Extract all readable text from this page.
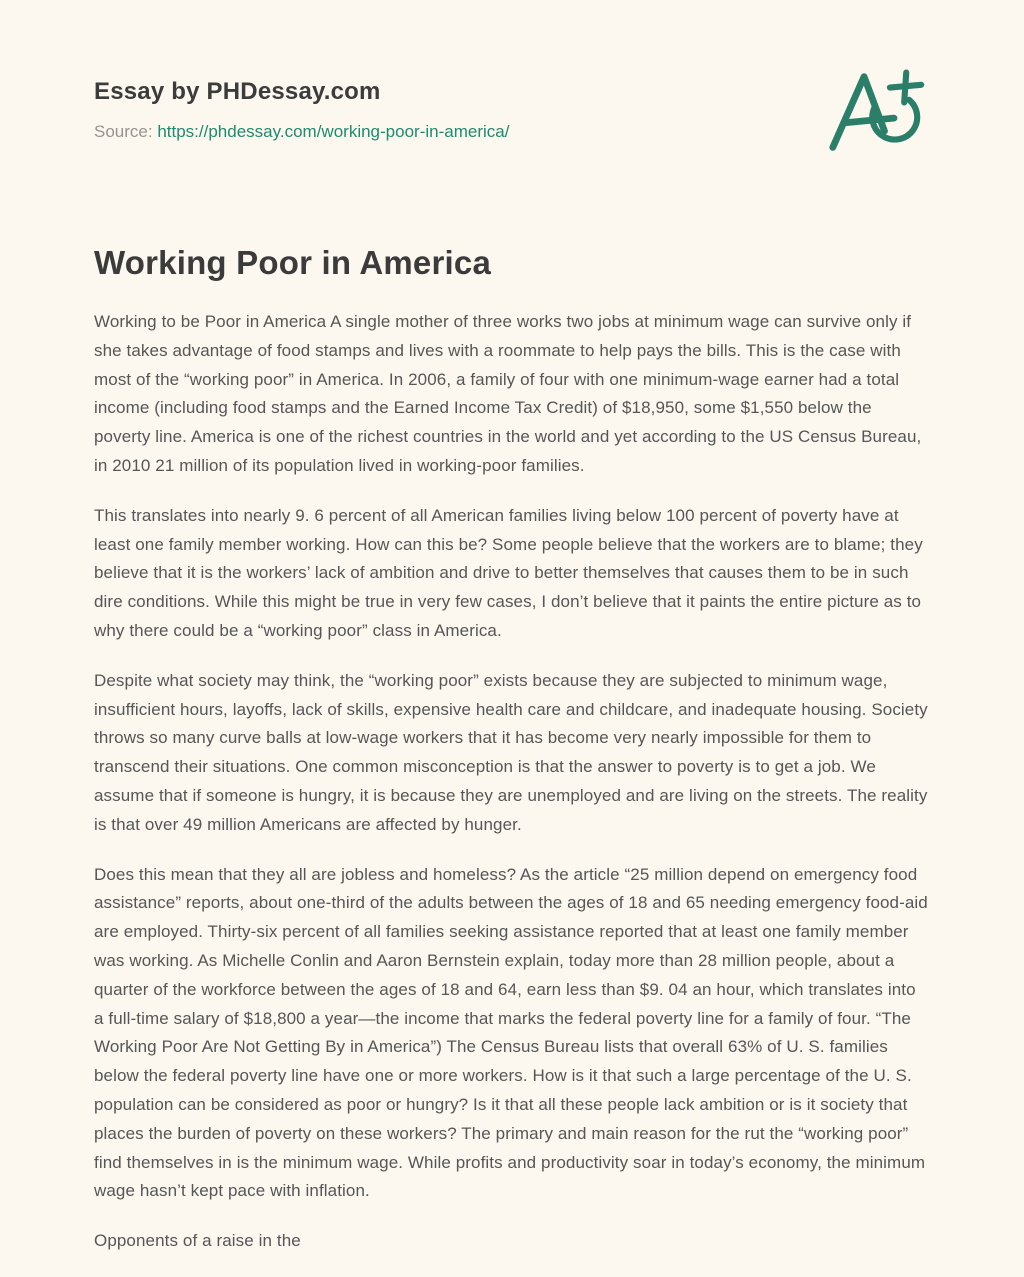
Essay by PHDessay.com
Source: https://phdessay.com/working-poor-in-america/
Working Poor in America

Working to be Poor in America A single mother of three works two jobs at minimum wage can survive only if she takes advantage of food stamps and lives with a roommate to help pays the bills. This is the case with most of the “working poor” in America. In 2006, a family of four with one minimum-wage earner had a total income (including food stamps and the Earned Income Tax Credit) of $18,950, some $1,550 below the poverty line. America is one of the richest countries in the world and yet according to the US Census Bureau, in 2010 21 million of its population lived in working-poor families.

This translates into nearly 9. 6 percent of all American families living below 100 percent of poverty have at least one family member working. How can this be? Some people believe that the workers are to blame; they believe that it is the workers’ lack of ambition and drive to better themselves that causes them to be in such dire conditions. While this might be true in very few cases, I don’t believe that it paints the entire picture as to why there could be a “working poor” class in America.

Despite what society may think, the “working poor” exists because they are subjected to minimum wage, insufficient hours, layoffs, lack of skills, expensive health care and childcare, and inadequate housing. Society throws so many curve balls at low-wage workers that it has become very nearly impossible for them to transcend their situations. One common misconception is that the answer to poverty is to get a job. We assume that if someone is hungry, it is because they are unemployed and are living on the streets. The reality is that over 49 million Americans are affected by hunger.

Does this mean that they all are jobless and homeless? As the article “25 million depend on emergency food assistance” reports, about one-third of the adults between the ages of 18 and 65 needing emergency food-aid are employed. Thirty-six percent of all families seeking assistance reported that at least one family member was working. As Michelle Conlin and Aaron Bernstein explain, today more than 28 million people, about a quarter of the workforce between the ages of 18 and 64, earn less than $9. 04 an hour, which translates into a full-time salary of $18,800 a year—the income that marks the federal poverty line for a family of four. “The Working Poor Are Not Getting By in America”) The Census Bureau lists that overall 63% of U. S. families below the federal poverty line have one or more workers. How is it that such a large percentage of the U. S. population can be considered as poor or hungry? Is it that all these people lack ambition or is it society that places the burden of poverty on these workers? The primary and main reason for the rut the “working poor” find themselves in is the minimum wage. While profits and productivity soar in today’s economy, the minimum wage hasn’t kept pace with inflation.

Opponents of a raise in the
